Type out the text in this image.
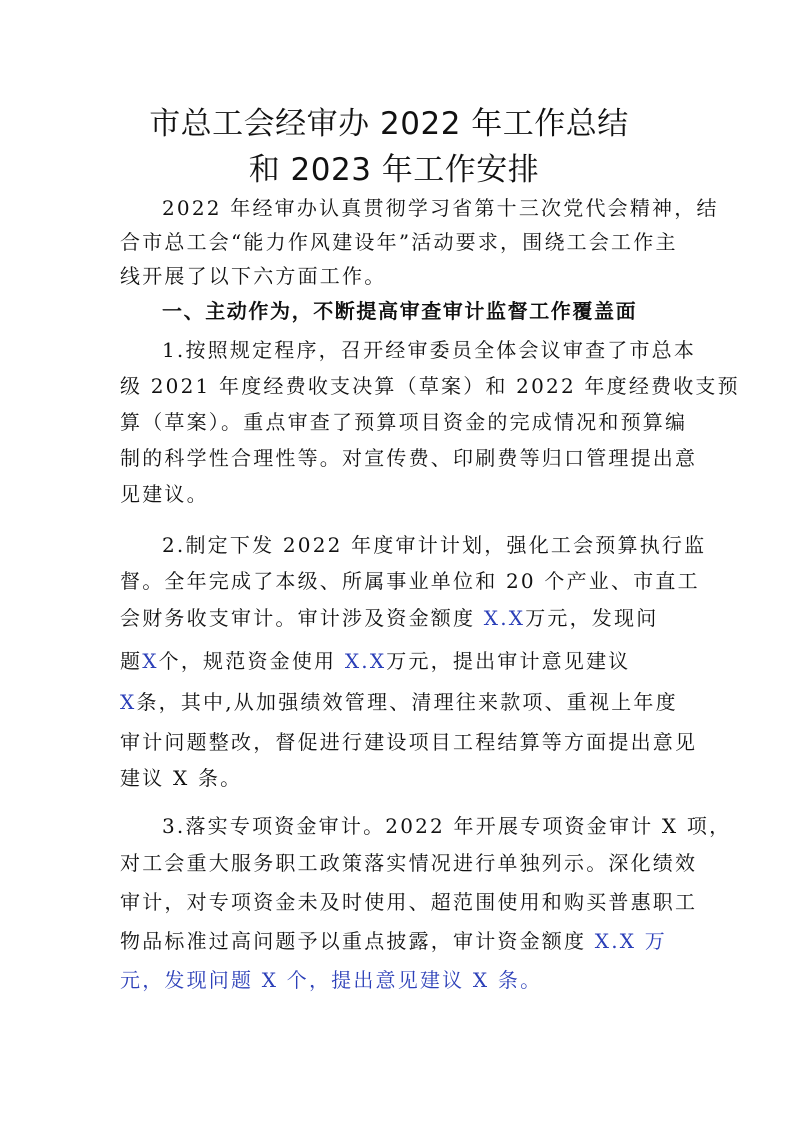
市总工会经审办 2022 年工作总结
和 2023 年工作安排
2022 年经审办认真贯彻学习省第十三次党代会精神，结
合市总工会“能力作风建设年”活动要求，围绕工会工作主
线开展了以下六方面工作。
一、主动作为，不断提高审查审计监督工作覆盖面
1.按照规定程序，召开经审委员全体会议审查了市总本
级 2021 年度经费收支决算（草案）和 2022 年度经费收支预
算（草案）。重点审查了预算项目资金的完成情况和预算编
制的科学性合理性等。对宣传费、印刷费等归口管理提出意
见建议。
2.制定下发 2022 年度审计计划，强化工会预算执行监
督。全年完成了本级、所属事业单位和 20 个产业、市直工
会财务收支审计。审计涉及资金额度 X.X万元，发现问
题X个，规范资金使用 X.X万元，提出审计意见建议
X条，其中,从加强绩效管理、清理往来款项、重视上年度
审计问题整改，督促进行建设项目工程结算等方面提出意见
建议 X 条。
3.落实专项资金审计。2022 年开展专项资金审计 X 项，
对工会重大服务职工政策落实情况进行单独列示。深化绩效
审计，对专项资金未及时使用、超范围使用和购买普惠职工
物品标准过高问题予以重点披露，审计资金额度 X.X 万
元，发现问题 X 个，提出意见建议 X 条。
